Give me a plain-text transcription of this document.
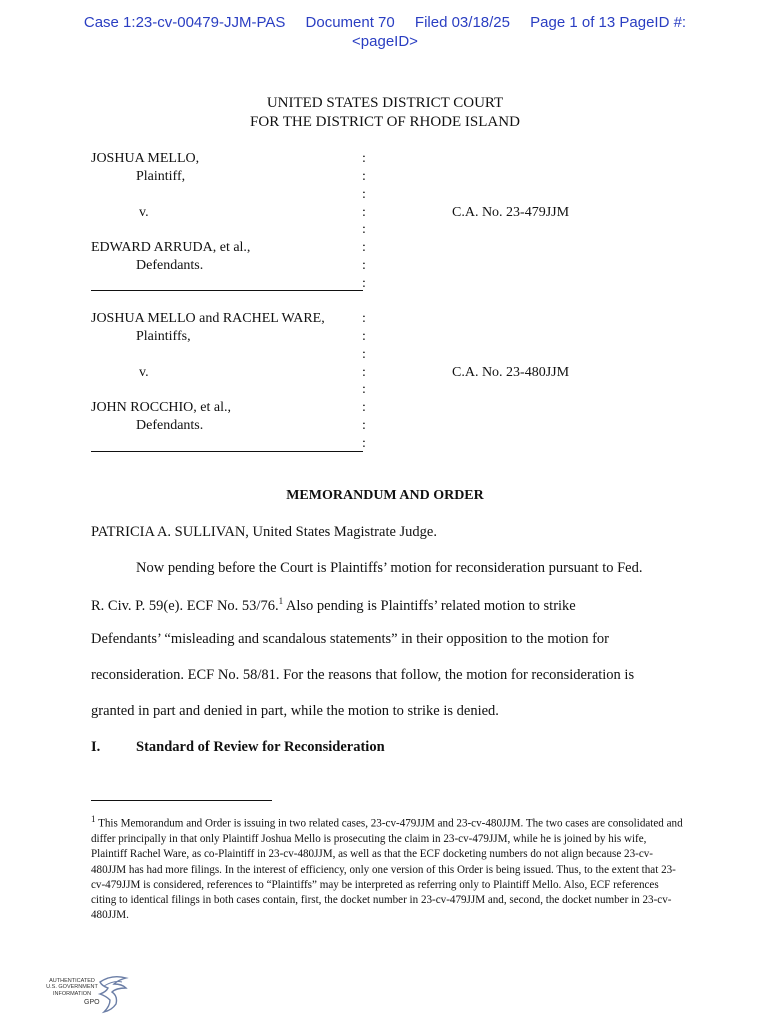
Case 1:23-cv-00479-JJM-PAS Document 70 Filed 03/18/25 Page 1 of 13 PageID #:
<pageID>
UNITED STATES DISTRICT COURT
FOR THE DISTRICT OF RHODE ISLAND
JOSHUA MELLO,
Plaintiff,
v.	C.A. No. 23-479JJM
EDWARD ARRUDA, et al.,
Defendants.
:
:
:
:
:
:
:
:
JOSHUA MELLO and RACHEL WARE,
Plaintiffs,
v.	C.A. No. 23-480JJM
JOHN ROCCHIO, et al.,
Defendants.
:
:
:
:
:
:
:
:
MEMORANDUM AND ORDER
PATRICIA A. SULLIVAN, United States Magistrate Judge.
Now pending before the Court is Plaintiffs’ motion for reconsideration pursuant to Fed.
R. Civ. P. 59(e). ECF No. 53/76.$^1$ Also pending is Plaintiffs’ related motion to strike
Defendants’ “misleading and scandalous statements” in their opposition to the motion for
reconsideration. ECF No. 58/81. For the reasons that follow, the motion for reconsideration is
granted in part and denied in part, while the motion to strike is denied.
I. Standard of Review for Reconsideration
$^1$ This Memorandum and Order is issuing in two related cases, 23-cv-479JJM and 23-cv-480JJM. The two cases are consolidated and differ principally in that only Plaintiff Joshua Mello is prosecuting the claim in 23-cv-479JJM, while he is joined by his wife, Plaintiff Rachel Ware, as co-Plaintiff in 23-cv-480JJM, as well as that the ECF docketing numbers do not align because 23-cv-480JJM has had more filings. In the interest of efficiency, only one version of this Order is being issued. Thus, to the extent that 23-cv-479JJM is considered, references to “Plaintiffs” may be interpreted as referring only to Plaintiff Mello. Also, ECF references citing to identical filings in both cases contain, first, the docket number in 23-cv-479JJM and, second, the docket number in 23-cv-480JJM.
AUTHENTICATED
U.S. GOVERNMENT
INFORMATION
GPO
